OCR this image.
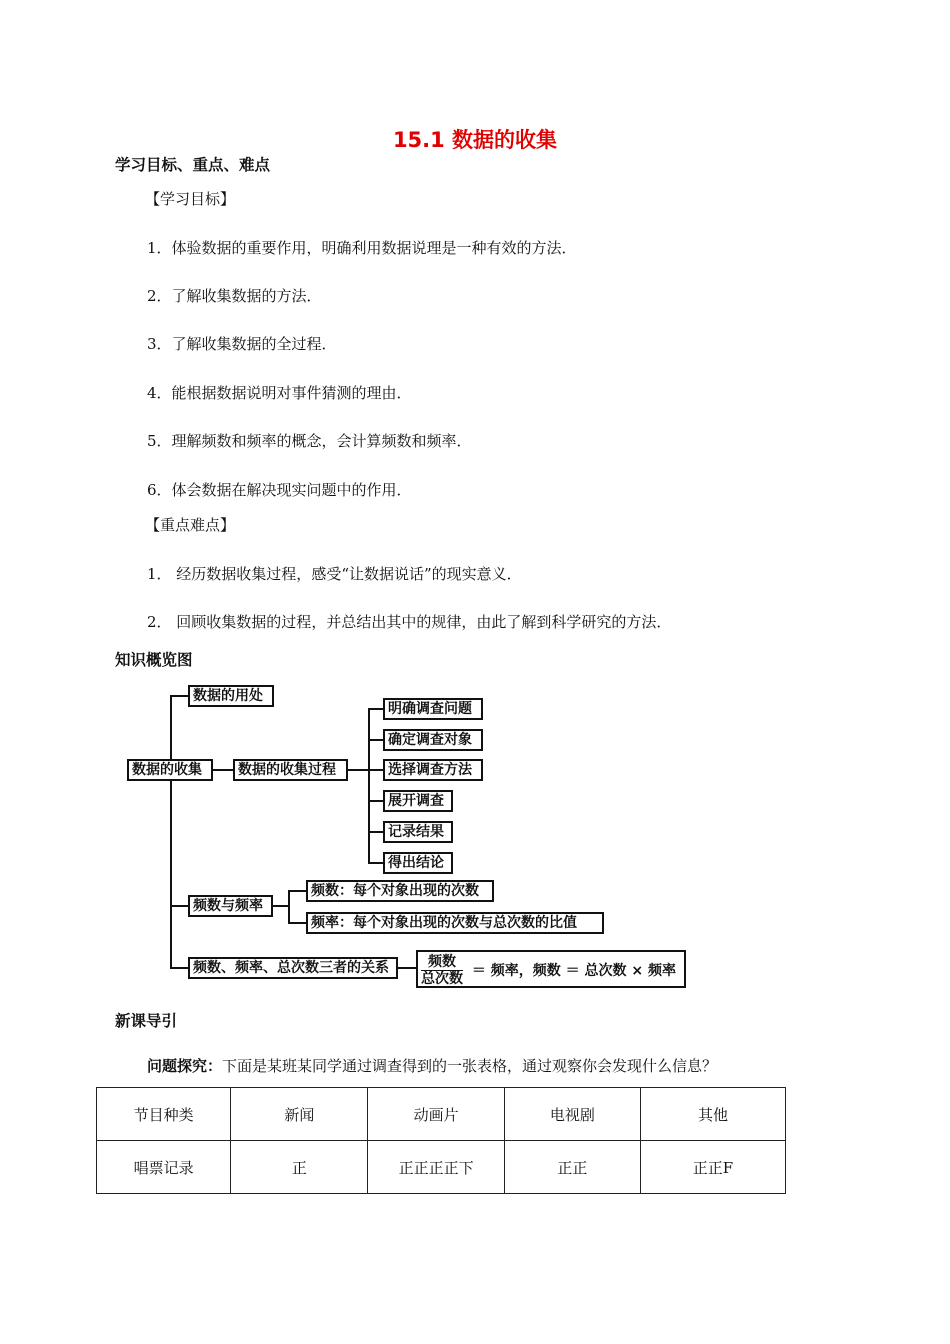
15.1 数据的收集
学习目标、重点、难点
【学习目标】
1．体验数据的重要作用，明确利用数据说理是一种有效的方法．
2．了解收集数据的方法．
3．了解收集数据的全过程．
4．能根据数据说明对事件猜测的理由．
5．理解频数和频率的概念，会计算频数和频率．
6．体会数据在解决现实问题中的作用．
【重点难点】
1． 经历数据收集过程，感受“让数据说话”的现实意义．
2． 回顾收集数据的过程，并总结出其中的规律，由此了解到科学研究的方法．
知识概览图
数据的收集
数据的用处
数据的收集过程
明确调查问题
确定调查对象
选择调查方法
展开调查
记录结果
得出结论
频数与频率
频数：每个对象出现的次数
频率：每个对象出现的次数与总次数的比值
频数、频率、总次数三者的关系	$\frac{\text{频数}}{\text{总次数}}$ ＝ 频率，频数 ＝ 总次数 × 频率
新课导引
问题探究：下面是某班某同学通过调查得到的一张表格，通过观察你会发现什么信息？
节目种类	新闻	动画片	电视剧	其他
唱票记录	正	正正正正下	正正	正正F
